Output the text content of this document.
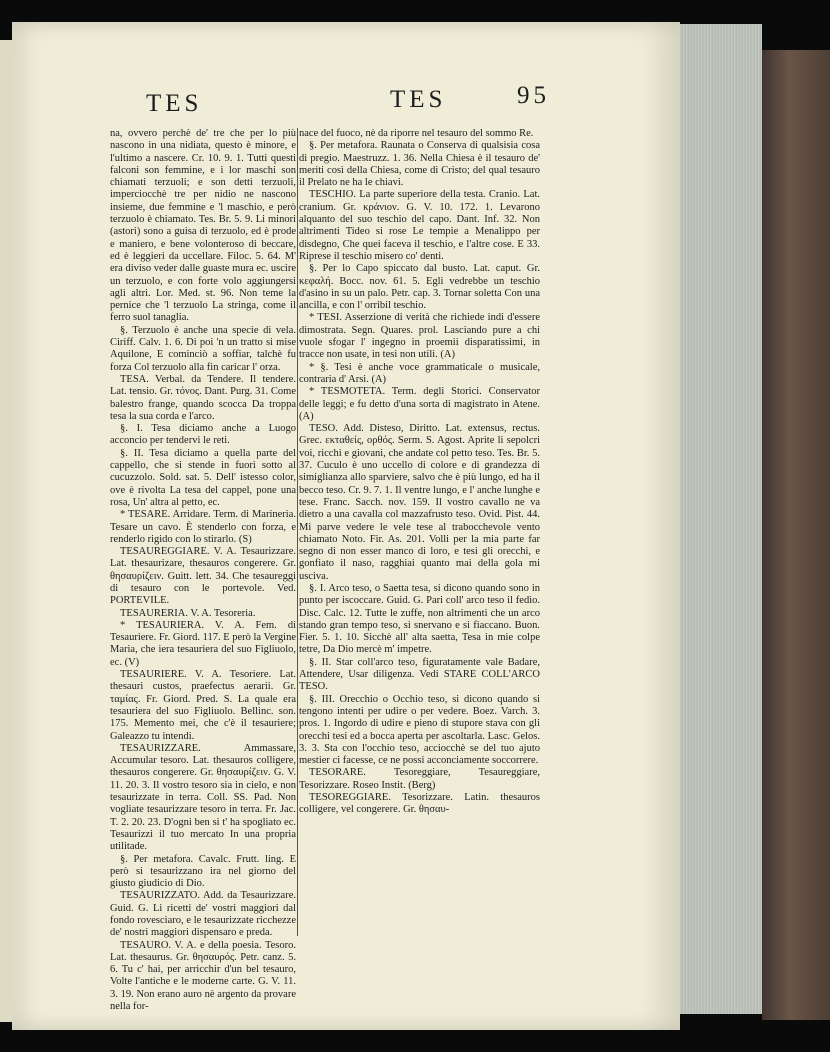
TES	TES	95

na, ovvero perchè de' tre che per lo più nascono in una nidiata, questo è minore, e l'ultimo a nascere. Cr. 10. 9. 1. Tutti questi falconi son femmine, e i lor maschi son chiamati terzuoli; e son detti terzuoli, imperciocchè tre per nidio ne nascono insieme, due femmine e 'l maschio, e però terzuolo è chiamato. Tes. Br. 5. 9. Li minori (astori) sono a guisa di terzuolo, ed è prode e maniero, e bene volonteroso di beccare, ed è leggieri da uccellare. Filoc. 5. 64. M' era diviso veder dalle guaste mura ec. uscire un terzuolo, e con forte volo aggiungersi agli altri. Lor. Med. st. 96. Non teme la pernice che 'l terzuolo La stringa, come il ferro suol tanaglia.

§. Terzuolo è anche una specie di vela. Ciriff. Calv. 1. 6. Di poi 'n un tratto si mise Aquilone, E cominciò a soffiar, talchè fu forza Col terzuolo alla fin caricar l' orza.

TESA. Verbal. da Tendere. Il tendere. Lat. tensio. Gr. τόνος. Dant. Purg. 31. Come balestro frange, quando scocca Da troppa tesa la sua corda e l'arco.

§. I. Tesa diciamo anche a Luogo acconcio per tendervi le reti.

§. II. Tesa diciamo a quella parte del cappello, che si stende in fuori sotto al cucuzzolo. Sold. sat. 5. Dell' istesso color, ove è rivolta La tesa del cappel, pone una rosa, Un' altra al petto, ec.

* TESARE. Arridare. Term. di Marineria. Tesare un cavo. È stenderlo con forza, e renderlo rigido con lo stirarlo. (S)

TESAUREGGIARE. V. A. Tesaurizzare. Lat. thesaurizare, thesauros congerere. Gr. θησαυρίζειν. Guitt. lett. 34. Che tesaureggi di tesauro con le portevole. Ved. PORTEVILE.

TESAURERIA. V. A. Tesoreria.

* TESAURIERA. V. A. Fem. di Tesauriere. Fr. Giord. 117. E però la Vergine Maria, che iera tesauriera del suo Figliuolo, ec. (V)

TESAURIERE. V. A. Tesoriere. Lat. thesauri custos, praefectus aerarii. Gr. ταμίας. Fr. Giord. Pred. S. La quale era tesauriera del suo Figliuolo. Bellinc. son. 175. Memento mei, che c'è il tesauriere; Galeazzo tu intendi.

TESAURIZZARE. Ammassare, Accumular tesoro. Lat. thesauros colligere, thesauros congerere. Gr. θησαυρίζειν. G. V. 11. 20. 3. Il vostro tesoro sia in cielo, e non tesaurizzate in terra. Coll. SS. Pad. Non vogliate tesaurizzare tesoro in terra. Fr. Jac. T. 2. 20. 23. D'ogni ben si t' ha spogliato ec. Tesaurizzi il tuo mercato In una propria utilitade.

§. Per metafora. Cavalc. Frutt. ling. E però si tesaurizzano ira nel giorno del giusto giudicio di Dio.

TESAURIZZATO. Add. da Tesaurizzare. Guid. G. Li ricetti de' vostri maggiori dal fondo rovesciaro, e le tesaurizzate ricchezze de' nostri maggiori dispensaro e preda.

TESAURO. V. A. e della poesia. Tesoro. Lat. thesaurus. Gr. θησαυρός. Petr. canz. 5. 6. Tu c' hai, per arricchir d'un bel tesauro, Volte l'antiche e le moderne carte. G. V. 11. 3. 19. Non erano auro nè argento da provare nella for-

nace del fuoco, nè da riporre nel tesauro del sommo Re.

§. Per metafora. Raunata o Conserva di qualsisia cosa di pregio. Maestruzz. 1. 36. Nella Chiesa è il tesauro de' meriti così della Chiesa, come di Cristo; del qual tesauro il Prelato ne ha le chiavi.

TESCHIO. La parte superiore della testa. Cranio. Lat. cranium. Gr. κράνιον. G. V. 10. 172. 1. Levarono alquanto del suo teschio del capo. Dant. Inf. 32. Non altrimenti Tideo si rose Le tempie a Menalippo per disdegno, Che quei faceva il teschio, e l'altre cose. E 33. Riprese il teschio misero co' denti.

§. Per lo Capo spiccato dal busto. Lat. caput. Gr. κεφαλή. Bocc. nov. 61. 5. Egli vedrebbe un teschio d'asino in su un palo. Petr. cap. 3. Tornar soletta Con una ancilla, e con l' orribil teschio.

* TESI. Asserzione di verità che richiede indi d'essere dimostrata. Segn. Quares. prol. Lasciando pure a chi vuole sfogar l' ingegno in proemii disparatissimi, in tracce non usate, in tesi non utili. (A)

* §. Tesi è anche voce grammaticale o musicale, contraria d' Arsi. (A)

* TESMOTETA. Term. degli Storici. Conservator delle leggi; e fu detto d'una sorta di magistrato in Atene. (A)

TESO. Add. Disteso, Diritto. Lat. extensus, rectus. Grec. εκταθείς, ορθός. Serm. S. Agost. Aprite li sepolcri voi, ricchi e giovani, che andate col petto teso. Tes. Br. 5. 37. Cuculo è uno uccello di colore e di grandezza di simiglianza allo sparviere, salvo che è più lungo, ed ha il becco teso. Cr. 9. 7. 1. Il ventre lungo, e l' anche lunghe e tese. Franc. Sacch. nov. 159. Il vostro cavallo ne va dietro a una cavalla col mazzafrusto teso. Ovid. Pist. 44. Mi parve vedere le vele tese al trabocchevole vento chiamato Noto. Fir. As. 201. Volli per la mia parte far segno di non esser manco di loro, e tesi gli orecchi, e gonfiato il naso, ragghiai quanto mai della gola mi usciva.

§. I. Arco teso, o Saetta tesa, si dicono quando sono in punto per iscoccare. Guid. G. Pari coll' arco teso il fedìo. Disc. Calc. 12. Tutte le zuffe, non altrimenti che un arco stando gran tempo teso, si snervano e si fiaccano. Buon. Fier. 5. 1. 10. Sicchè all' alta saetta, Tesa in mie colpe tetre, Da Dio mercè m' impetre.

§. II. Star coll'arco teso, figuratamente vale Badare, Attendere, Usar diligenza. Vedi STARE COLL'ARCO TESO.

§. III. Orecchio o Occhio teso, si dicono quando si tengono intenti per udire o per vedere. Boez. Varch. 3. pros. 1. Ingordo di udire e pieno di stupore stava con gli orecchi tesi ed a bocca aperta per ascoltarla. Lasc. Gelos. 3. 3. Sta con l'occhio teso, acciocchè se del tuo ajuto mestier ci facesse, ce ne possi acconciamente soccorrere.

TESORARE. Tesoreggiare, Tesaureggiare, Tesorizzare. Roseo Instit. (Berg)

TESOREGGIARE. Tesorizzare. Latin. thesauros colligere, vel congerere. Gr. θησαυ-
